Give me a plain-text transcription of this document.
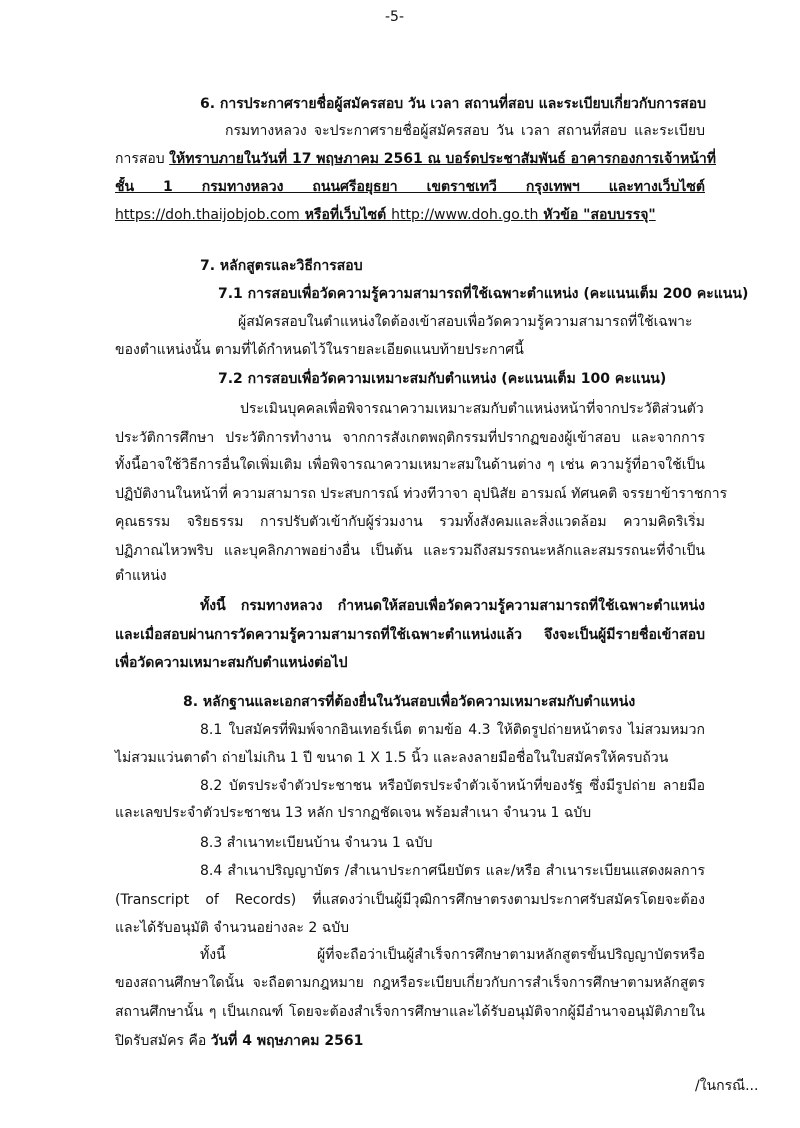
-5-
6. การประกาศรายชื่อผู้สมัครสอบ วัน เวลา สถานที่สอบ และระเบียบเกี่ยวกับการสอบ
กรมทางหลวง จะประกาศรายชื่อผู้สมัครสอบ วัน เวลา สถานที่สอบ และระเบียบ
การสอบ ให้ทราบภายในวันที่ 17 พฤษภาคม 2561 ณ บอร์ดประชาสัมพันธ์ อาคารกองการเจ้าหน้าที่
ชั้น 1 กรมทางหลวง ถนนศรีอยุธยา เขตราชเทวี กรุงเทพฯ และทางเว็บไซต์
https://doh.thaijobjob.com หรือที่เว็บไซต์ http://www.doh.go.th หัวข้อ "สอบบรรจุ"
7. หลักสูตรและวิธีการสอบ
7.1 การสอบเพื่อวัดความรู้ความสามารถที่ใช้เฉพาะตำแหน่ง (คะแนนเต็ม 200 คะแนน)
ผู้สมัครสอบในตำแหน่งใดต้องเข้าสอบเพื่อวัดความรู้ความสามารถที่ใช้เฉพาะ
ของตำแหน่งนั้น ตามที่ได้กำหนดไว้ในรายละเอียดแนบท้ายประกาศนี้
7.2 การสอบเพื่อวัดความเหมาะสมกับตำแหน่ง (คะแนนเต็ม 100 คะแนน)
ประเมินบุคคลเพื่อพิจารณาความเหมาะสมกับตำแหน่งหน้าที่จากประวัติส่วนตัว
ประวัติการศึกษา ประวัติการทำงาน จากการสังเกตพฤติกรรมที่ปรากฏของผู้เข้าสอบ และจากการ
ทั้งนี้อาจใช้วิธีการอื่นใดเพิ่มเติม เพื่อพิจารณาความเหมาะสมในด้านต่าง ๆ เช่น ความรู้ที่อาจใช้เป็น
ปฏิบัติงานในหน้าที่ ความสามารถ ประสบการณ์ ท่วงทีวาจา อุปนิสัย อารมณ์ ทัศนคติ จรรยาข้าราชการ
คุณธรรม จริยธรรม การปรับตัวเข้ากับผู้ร่วมงาน รวมทั้งสังคมและสิ่งแวดล้อม ความคิดริเริ่ม
ปฏิภาณไหวพริบ และบุคลิกภาพอย่างอื่น เป็นต้น และรวมถึงสมรรถนะหลักและสมรรถนะที่จำเป็น
ตำแหน่ง
ทั้งนี้ กรมทางหลวง กำหนดให้สอบเพื่อวัดความรู้ความสามารถที่ใช้เฉพาะตำแหน่ง
และเมื่อสอบผ่านการวัดความรู้ความสามารถที่ใช้เฉพาะตำแหน่งแล้ว จึงจะเป็นผู้มีรายชื่อเข้าสอบ
เพื่อวัดความเหมาะสมกับตำแหน่งต่อไป
8. หลักฐานและเอกสารที่ต้องยื่นในวันสอบเพื่อวัดความเหมาะสมกับตำแหน่ง
8.1 ใบสมัครที่พิมพ์จากอินเทอร์เน็ต ตามข้อ 4.3 ให้ติดรูปถ่ายหน้าตรง ไม่สวมหมวก
ไม่สวมแว่นตาดำ ถ่ายไม่เกิน 1 ปี ขนาด 1 X 1.5 นิ้ว และลงลายมือชื่อในใบสมัครให้ครบถ้วน
8.2 บัตรประจำตัวประชาชน หรือบัตรประจำตัวเจ้าหน้าที่ของรัฐ ซึ่งมีรูปถ่าย ลายมือ
และเลขประจำตัวประชาชน 13 หลัก ปรากฏชัดเจน พร้อมสำเนา จำนวน 1 ฉบับ
8.3 สำเนาทะเบียนบ้าน จำนวน 1 ฉบับ
8.4 สำเนาปริญญาบัตร /สำเนาประกาศนียบัตร และ/หรือ สำเนาระเบียนแสดงผลการ
(Transcript of Records) ที่แสดงว่าเป็นผู้มีวุฒิการศึกษาตรงตามประกาศรับสมัครโดยจะต้อง
และได้รับอนุมัติ จำนวนอย่างละ 2 ฉบับ
ทั้งนี้ ผู้ที่จะถือว่าเป็นผู้สำเร็จการศึกษาตามหลักสูตรขั้นปริญญาบัตรหรือ
ของสถานศึกษาใดนั้น จะถือตามกฎหมาย กฎหรือระเบียบเกี่ยวกับการสำเร็จการศึกษาตามหลักสูตร
สถานศึกษานั้น ๆ เป็นเกณฑ์ โดยจะต้องสำเร็จการศึกษาและได้รับอนุมัติจากผู้มีอำนาจอนุมัติภายใน
ปิดรับสมัคร คือ วันที่ 4 พฤษภาคม 2561
/ในกรณี...
